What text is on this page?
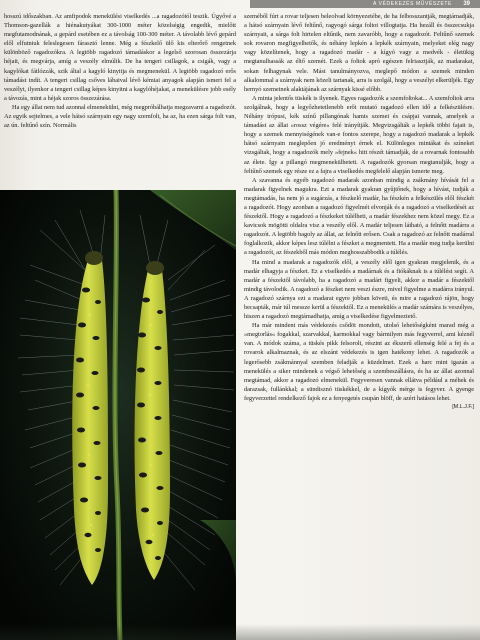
A VÉDEKEZÉS MŰVÉSZETE 39

hosszú időszakban. Az amfipodok menekülési viselkedés ...a ragadozótól teszik. Úgyővé a Thomson-gazellák a hiénakutyákat 300-1000 méter közelségig engedik, mielőtt megfutamodnának, a gepárd esetében ez a távolság 100-300 méter. A távolabb lévő gepárd elől elfutniuk feleslegesen fárasztó lenne. Még a fészkelő ülő kis elterőrő rengetnek különböző ragadozókra. A legtöbb ragadozó támadáskor a legelső szorosan összezárja héjait, és megvárja, amíg a veszély elmúlik. De ha tengeri csillagok, a csigák, vagy a kagylókat fátlózzák, szik által a kagyló kinyitja és megmenekül. A legtöbb ragadozó erős támadást indít. A tengeri csillag csőves lábaival lévő kémiai anyagok alapján ismeri fel a veszélyt, ilyenkor a tengeri csillag képes kinyitni a kagylóhéjakat, a menekülésre jobb esély a távozás, mint a héjak szoros összezárása.

Ha egy állat nem tud azonnal elmenekülni, még megpróbálhatja megzavarni a ragadozót. Az egyik sejtelmes, a vele hátsó szárnyain egy nagy szemfolt, ha az, ha ezen sárga folt van, az ún. feltűnő szín. Normális

szeméből fúrt a rovar teljesen beleolvad környezetébe, de ha felbosszantják, megtámadják, a hátsó szárnyain lévő feltűnő, ragyogó sárga foltot villogtatja. Ha hezáll és összecsukja szárnyait, a sárga folt hirtelen eltűnik, nem zavaróbb, hogy a ragadozót. Feltűnő szemek sok rovaron megfigyelhetők, és néhány lepkén a lepkék szárnyain, melyeket elég nagy vagy közelítenek, hogy a ragadozó madár - a kígyó vagy a medvék - életükig megtanulhassák az éltő szemét. Ezek a foltok apró egészen felriasztják, az madarakat, sokan felhagynak vele. Mást tanulmányozva, meglepő módon a szemek minden alkalommal a szárnyak nem közeli tartanak, arra is szolgál, hogy a veszélyt elkerüljék. Egy hernyó szemeinek alaktájának az szárnyak kissé előbb.

A minta jelentős tüskék is ilyenek. Egyes ragadozók a szemfoltokat... A szemfoltok arra szolgálnak, hogy a legyőzhetetlenebb erőt mutató ragadozó ellen idő a felkészülésre. Néhány trópusi, kék színű pillangónak hamis szemei és csápjai vannak, amelyek a támadást az állat »rossz végére« felé irányítják. Megvizsgálták a lepkék többi fajait is, hogy a szemek mennyiségének van-e fontos szerepe, hogy a ragadozó madarak a lepkék hátsó szárnyain meglepően jó eredményt érnek el. Különleges mintákat és színeket vizsgáltak, hogy a ragadozók mely »fejnek« hitt részét támadják, de a rovarnak fontosabb az élete. Így a pillangó megmenekülhetett. A ragadozók gyorsan megtanulják, hogy a feltűnő szemek egy része ez a fajra a viselkedés megfelelő alapján ismerte meg.

A szavanna és egyéb ragadozó madarak azonban mindig a zsákmány hívását fel a madarak figyelnek magukra. Ezt a madarak gyakran gyűjtőnek, hogy a hívást, tudják a megtámadás, ha nem jó a sugárzás, a fészkelő madár, ha fészkén a felkészülés elől fészkét a ragadozót. Hogy azonban a ragadozó figyelmét elvonják és a ragadozó a viselkedését az fészektől. Hogy a ragadozó a fészkeket túlélheti, a madár fészekhez nem közel megy. Ez a kavicsok mögötti oldalra visz a veszély elől. A madár teljesen látható, a felnőtt madárra a ragadozót. A legtöbb bagoly az állat, az felnőtt erősen. Csak a ragadozó az felnőtt madárral foglalkozik, akkor képes lesz túlélni a fészket a megmentett. Ha a madár meg tudja kerülni a ragadozót, az fészekből más módon meghosszabbodik a túlélés.

Ha mind a madarak a ragadozók elől, a veszély elől igen gyakran megjelenik, és a madár elhagyja a fészket. Ez a viselkedés a madárnak és a fiókáknak is a túlélést segít. A madár a fészektől távolabb, ha a ragadozó a madárt figyeli, akkor a madár a fészektől mindig távolodik. A ragadozó a fészket nem veszi észre, mivel figyelme a madárra irányul. A ragadozó szárnya ezt a madarat egyre jobban követi, és mire a ragadozó rájön, hogy becsapták, már túl messze kerül a fészektől. Ez a menekülés a madár számára is veszélyes, hiszen a ragadozó megtámadhatja, amíg a viselkedése figyelmeztető.

Ha már mindent más védekezés csődöt mondott, utolsó lehetőségként marad még a »megtorlás« fogakkal, szarvakkal, karmokkal vagy bármilyen más fegyverrel, ami kéznél van. A módok száma, a tüskés pikk felsorolt, részint az ékszerű ellenség felé a fej és a rovarok alkalmaznak, és az elszánt védekezés is igen hatékony lehet. A ragadozók a legerősebb zsákmánnyal szemben feladják a küzdelmet. Ezek a harc mint igazán a menekülés a siker mindenek a végső lehetőség a szembeszállásra, és ha az állat azonnal megtámad, akkor a ragadozó elmenekül. Fegyveresen vannak ellátva például a méhek és darazsak, fullánkkal; a sündisznó tüskékkel, de a kígyók mérge is fegyver. A gyenge fegyverzettel rendelkező fajok ez a fenyegetés csupán blöff, de azért hatásos lehet.

[M.L.J.F.]
